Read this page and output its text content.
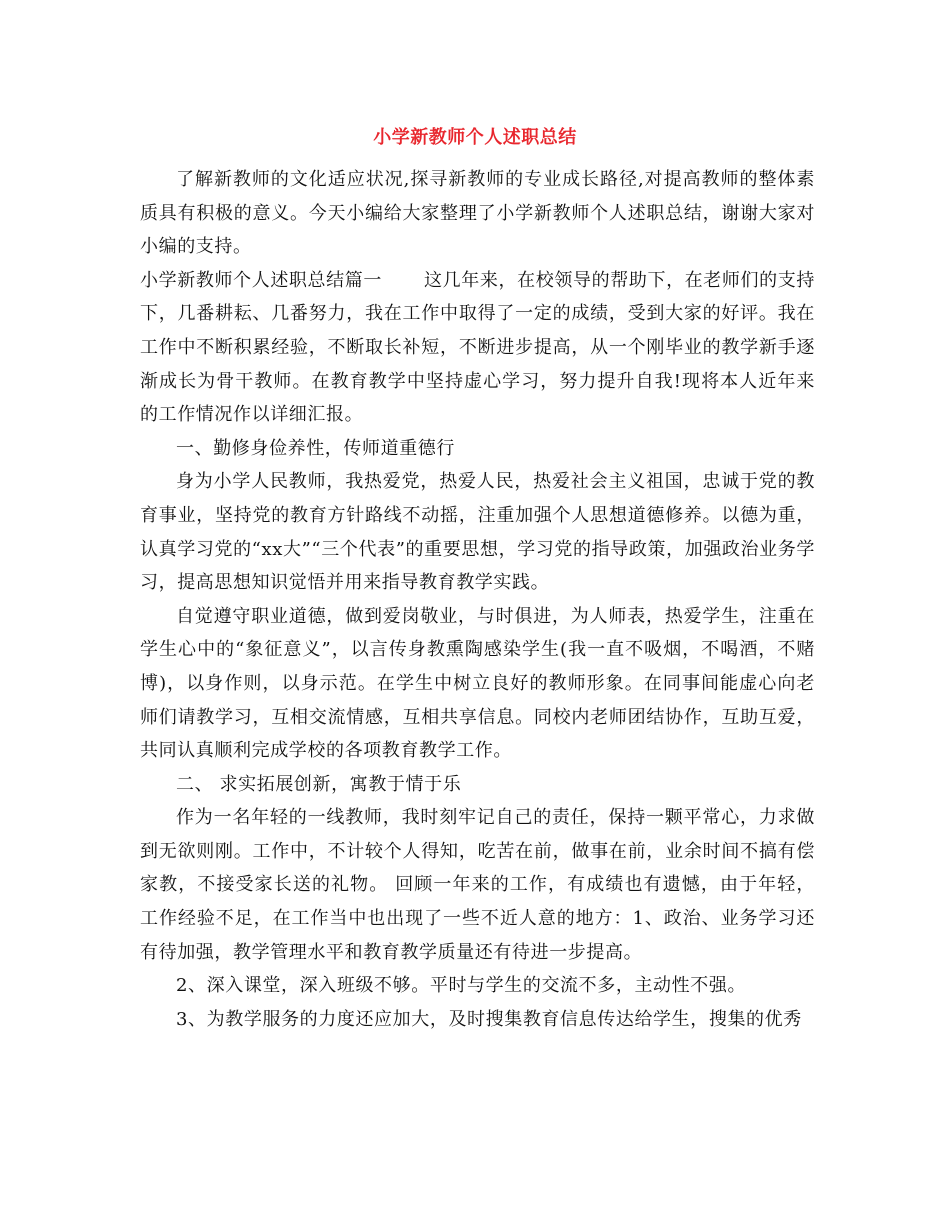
小学新教师个人述职总结

了解新教师的文化适应状况,探寻新教师的专业成长路径,对提高教师的整体素质具有积极的意义。今天小编给大家整理了小学新教师个人述职总结，谢谢大家对小编的支持。

小学新教师个人述职总结篇一 这几年来，在校领导的帮助下，在老师们的支持下，几番耕耘、几番努力，我在工作中取得了一定的成绩，受到大家的好评。我在工作中不断积累经验，不断取长补短，不断进步提高，从一个刚毕业的教学新手逐渐成长为骨干教师。在教育教学中坚持虚心学习，努力提升自我!现将本人近年来的工作情况作以详细汇报。

一、勤修身俭养性，传师道重德行

身为小学人民教师，我热爱党，热爱人民，热爱社会主义祖国，忠诚于党的教育事业，坚持党的教育方针路线不动摇，注重加强个人思想道德修养。以德为重，认真学习党的“xx大”“三个代表”的重要思想，学习党的指导政策，加强政治业务学习，提高思想知识觉悟并用来指导教育教学实践。

自觉遵守职业道德，做到爱岗敬业，与时俱进，为人师表，热爱学生，注重在学生心中的“象征意义”，以言传身教熏陶感染学生(我一直不吸烟，不喝酒，不赌博)，以身作则，以身示范。在学生中树立良好的教师形象。在同事间能虚心向老师们请教学习，互相交流情感，互相共享信息。同校内老师团结协作，互助互爱，共同认真顺利完成学校的各项教育教学工作。

二、 求实拓展创新，寓教于情于乐

作为一名年轻的一线教师，我时刻牢记自己的责任，保持一颗平常心，力求做到无欲则刚。工作中，不计较个人得知，吃苦在前，做事在前，业余时间不搞有偿家教，不接受家长送的礼物。 回顾一年来的工作，有成绩也有遗憾，由于年轻，工作经验不足，在工作当中也出现了一些不近人意的地方：1、政治、业务学习还有待加强，教学管理水平和教育教学质量还有待进一步提高。

2、深入课堂，深入班级不够。平时与学生的交流不多，主动性不强。

3、为教学服务的力度还应加大，及时搜集教育信息传达给学生，搜集的优秀
